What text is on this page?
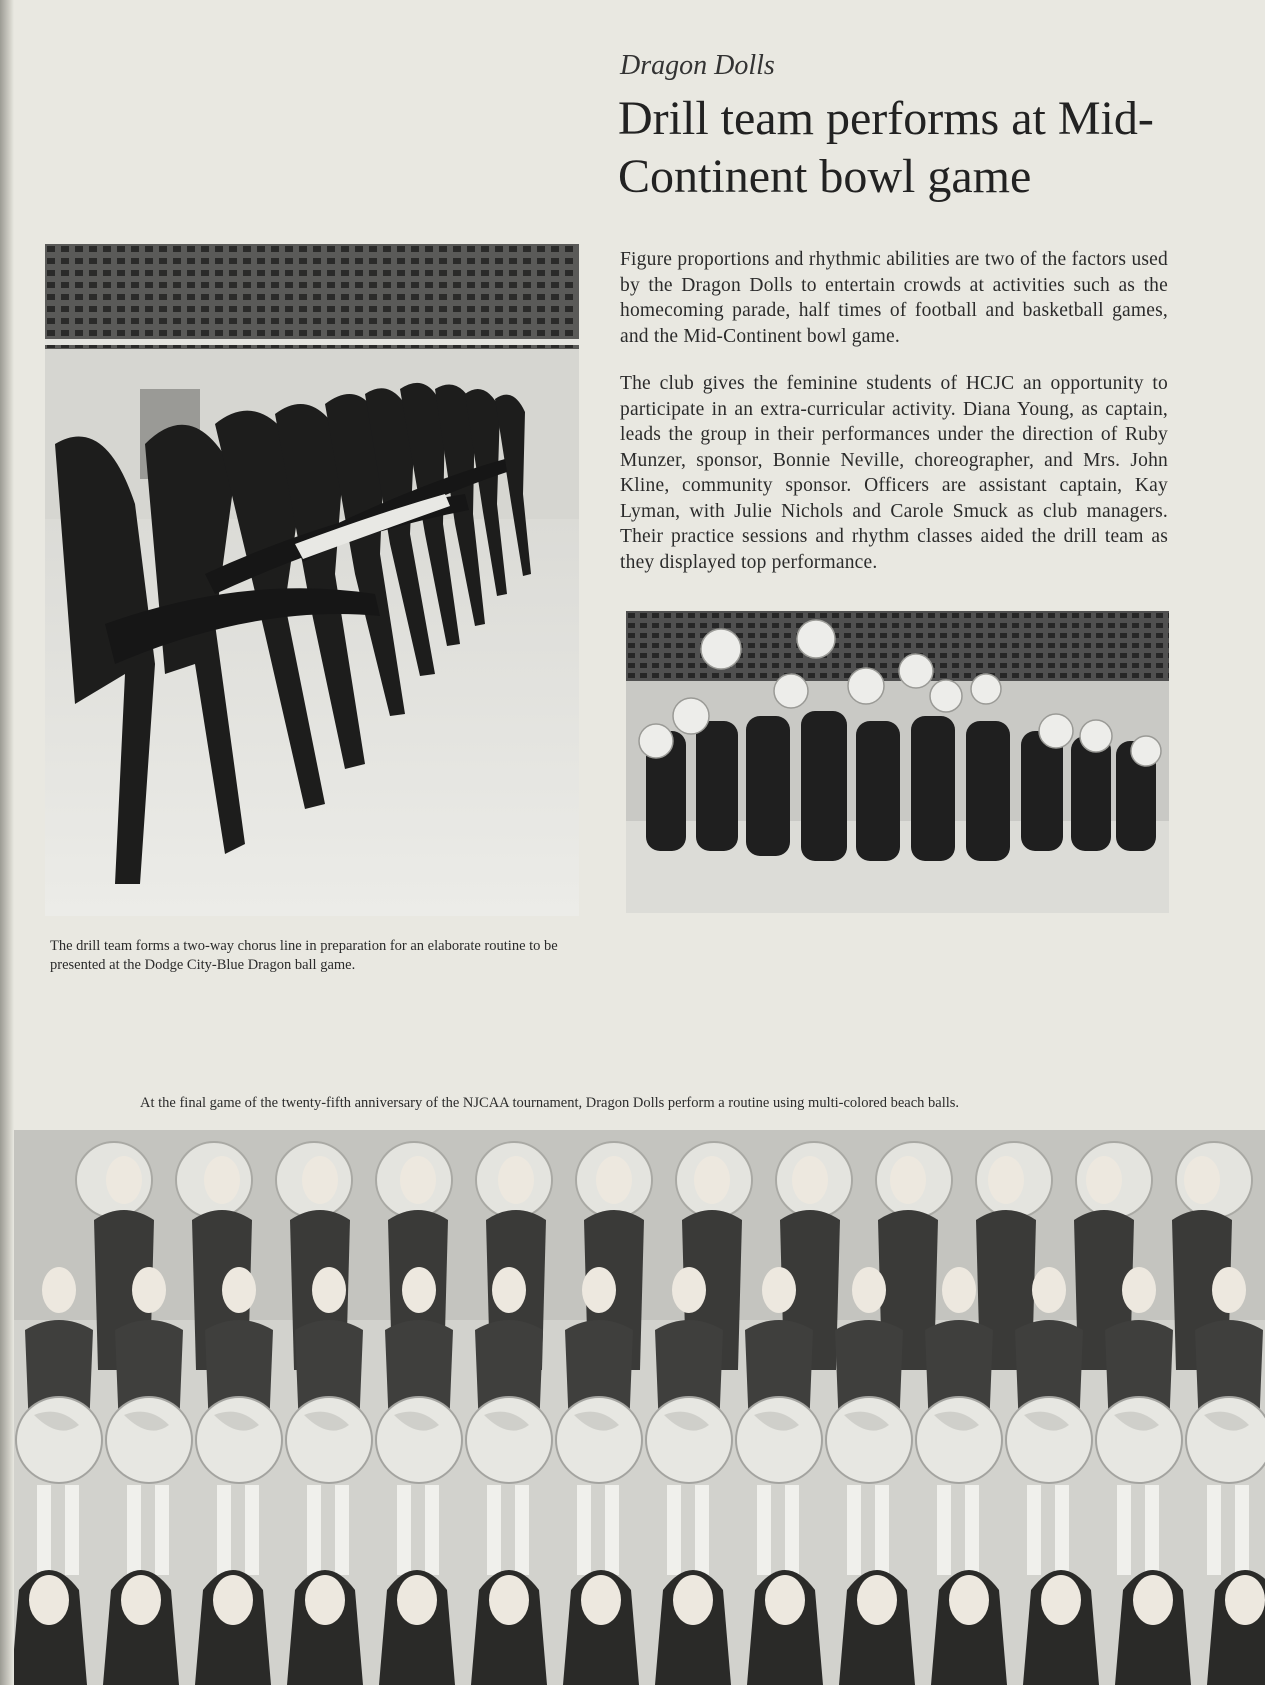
Dragon Dolls
Drill team performs at Mid-Continent bowl game

Figure proportions and rhythmic abilities are two of the factors used by the Dragon Dolls to entertain crowds at activities such as the homecoming parade, half times of football and basketball games, and the Mid-Continent bowl game.

The club gives the feminine students of HCJC an opportunity to participate in an extra-curricular activity. Diana Young, as captain, leads the group in their performances under the direction of Ruby Munzer, sponsor, Bonnie Neville, choreographer, and Mrs. John Kline, community sponsor. Officers are assistant captain, Kay Lyman, with Julie Nichols and Carole Smuck as club managers. Their practice sessions and rhythm classes aided the drill team as they displayed top performance.

The drill team forms a two-way chorus line in preparation for an elaborate routine to be presented at the Dodge City-Blue Dragon ball game.

At the final game of the twenty-fifth anniversary of the NJCAA tournament, Dragon Dolls perform a routine using multi-colored beach balls.
